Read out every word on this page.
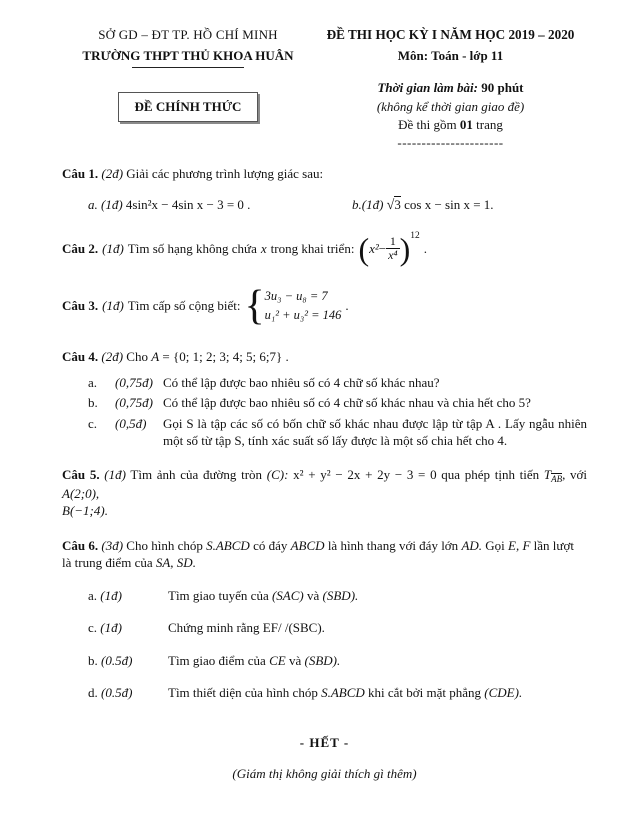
SỞ GD – ĐT TP. HỒ CHÍ MINH
TRƯỜNG THPT THỦ KHOA HUÂN
ĐỀ CHÍNH THỨC
ĐỀ THI HỌC KỲ I NĂM HỌC 2019 – 2020
Môn: Toán - lớp 11
Thời gian làm bài: 90 phút
(không kể thời gian giao đề)
Đề thi gồm 01 trang
----------------------
Câu 1. (2đ) Giải các phương trình lượng giác sau:
a. (1đ) 4sin²x − 4sin x − 3 = 0 .	b.(1đ) √3 cos x − sin x = 1.
Câu 2. (1đ) Tìm số hạng không chứa x trong khai triển: ( $x^2 - \frac{1}{\text{x⁴}}$ ) 12
.
Câu 3. (1đ) Tìm cấp số cộng biết: { 3u₃ − u₈ = 7
u₁² + u₃² = 146
.
Câu 4. (2đ) Cho A = {0; 1; 2; 3; 4; 5; 6;7} .
a.	(0,75đ) Có thể lập được bao nhiêu số có 4 chữ số khác nhau?
b.	(0,75đ) Có thể lập được bao nhiêu số có 4 chữ số khác nhau và chia hết cho 5?
c.	(0,5đ)	Gọi S là tập các số có bốn chữ số khác nhau được lập từ tập A . Lấy ngẫu nhiên một số từ tập S, tính xác suất số lấy được là một số chia hết cho 4.
Câu 5. (1đ) Tìm ảnh của đường tròn (C): x² + y² − 2x + 2y − 3 = 0 qua phép tịnh tiến TAB, với A(2;0),
B(−1;4).
Câu 6. (3đ) Cho hình chóp S.ABCD có đáy ABCD là hình thang với đáy lớn AD. Gọi E, F lần lượt
là trung điểm của SA, SD.
a. (1đ)	Tìm giao tuyến của (SAC) và (SBD).
c. (1đ)	Chứng minh rằng EF/ /(SBC).
b. (0.5đ)	Tìm giao điểm của CE và (SBD).
d. (0.5đ)	Tìm thiết diện của hình chóp S.ABCD khi cắt bởi mặt phẳng (CDE).
- HẾT -
(Giám thị không giải thích gì thêm)
